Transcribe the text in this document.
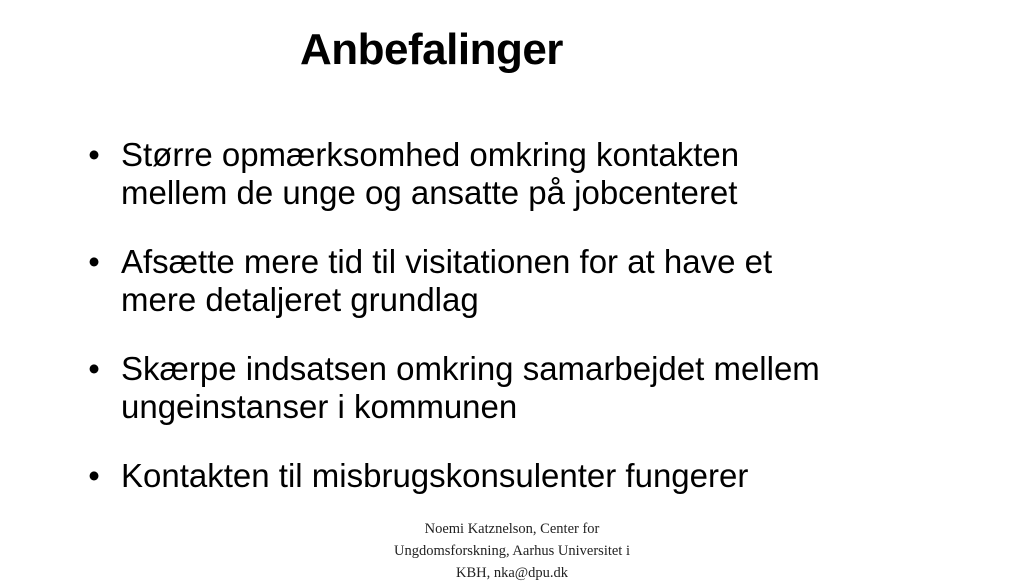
Anbefalinger
• Større opmærksomhed omkring kontakten
mellem de unge og ansatte på jobcenteret
• Afsætte mere tid til visitationen for at have et
mere detaljeret grundlag
• Skærpe indsatsen omkring samarbejdet mellem
ungeinstanser i kommunen
• Kontakten til misbrugskonsulenter fungerer
Noemi Katznelson, Center for
Ungdomsforskning, Aarhus Universitet i
KBH, nka@dpu.dk
